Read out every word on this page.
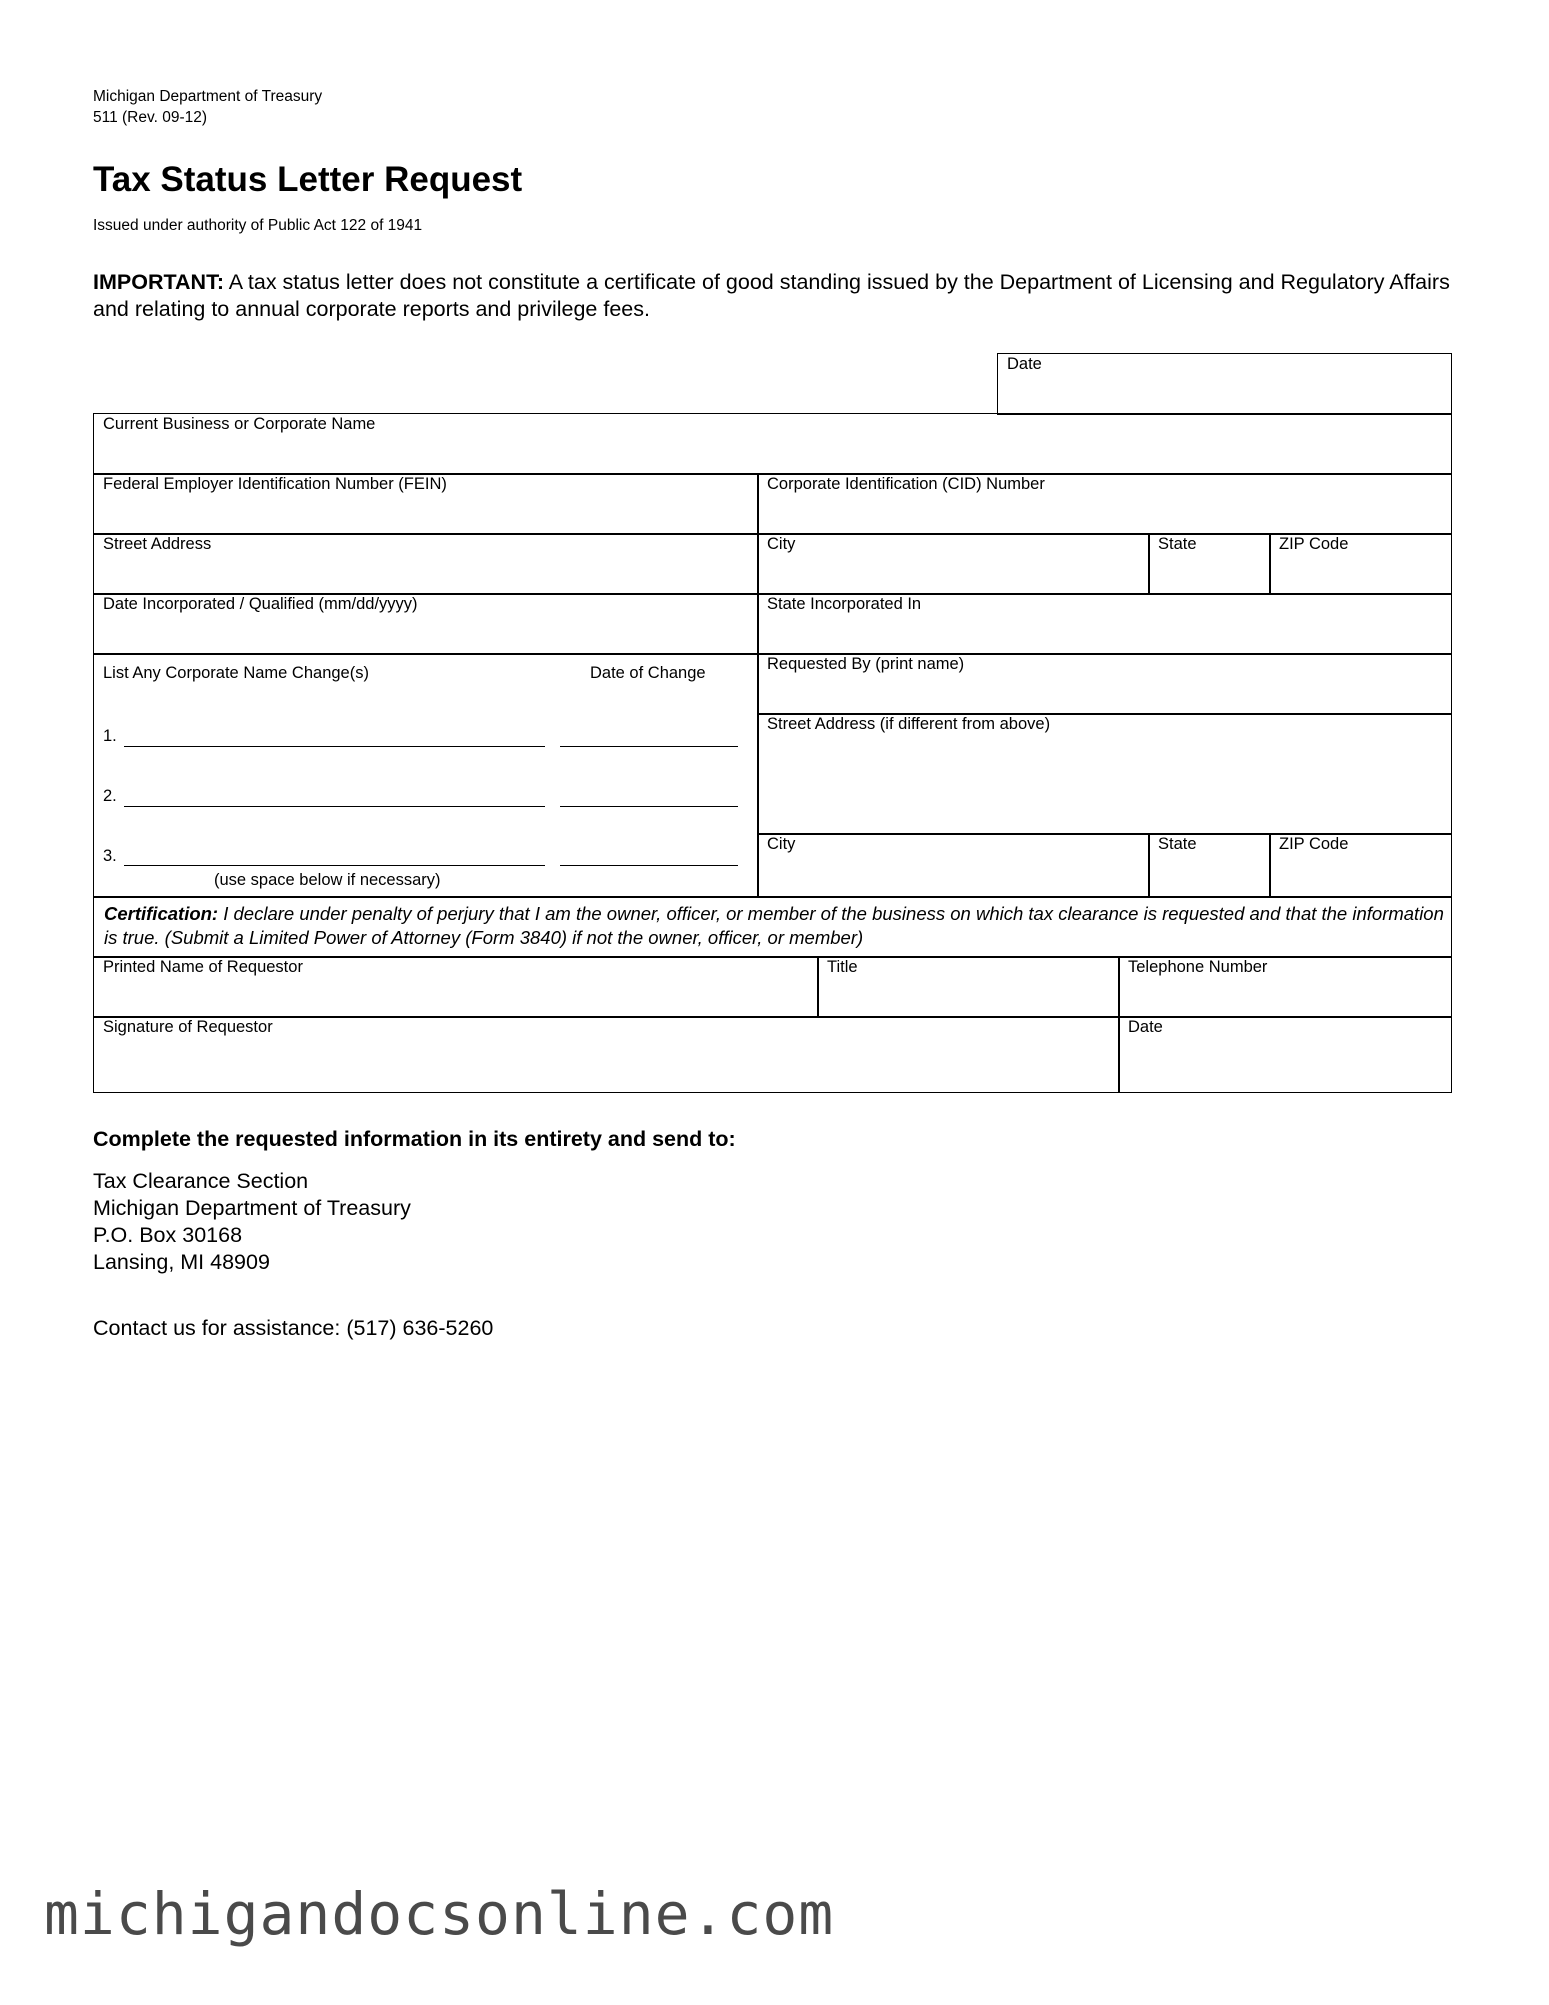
Michigan Department of Treasury
511 (Rev. 09-12)
Tax Status Letter Request
Issued under authority of Public Act 122 of 1941
IMPORTANT: A tax status letter does not constitute a certificate of good standing issued by the Department of Licensing and Regulatory Affairs and relating to annual corporate reports and privilege fees.
Date
Current Business or Corporate Name
Federal Employer Identification Number (FEIN)	Corporate Identification (CID) Number
Street Address	City	State	ZIP Code
Date Incorporated / Qualified (mm/dd/yyyy)	State Incorporated In
List Any Corporate Name Change(s)	Date of Change
1.
2.
3.
(use space below if necessary)
Requested By (print name)
Street Address (if different from above)
City	State	ZIP Code
Certification: I declare under penalty of perjury that I am the owner, officer, or member of the business on which tax clearance is requested and that the information is true. (Submit a Limited Power of Attorney (Form 3840) if not the owner, officer, or member)
Printed Name of Requestor	Title	Telephone Number
Signature of Requestor	Date
Complete the requested information in its entirety and send to:
Tax Clearance Section
Michigan Department of Treasury
P.O. Box 30168
Lansing, MI 48909
Contact us for assistance: (517) 636-5260
michigandocsonline.com
